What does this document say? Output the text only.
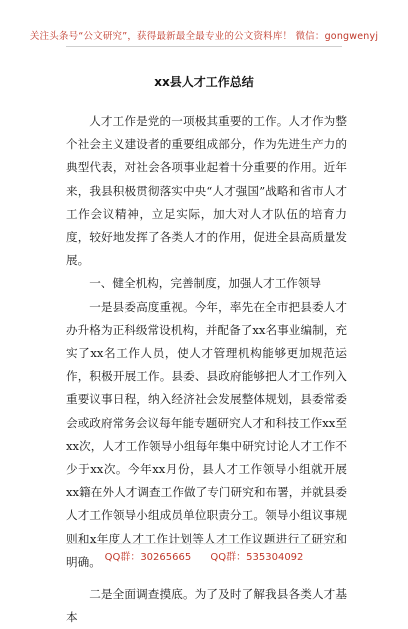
关注头条号“公文研究”，获得最新最全最专业的公文资料库！ 微信：gongwenyj
xx县人才工作总结

人才工作是党的一项极其重要的工作。人才作为整个社会主义建设者的重要组成部分，作为先进生产力的典型代表，对社会各项事业起着十分重要的作用。近年来，我县积极贯彻落实中央“人才强国”战略和省市人才工作会议精神，立足实际，加大对人才队伍的培育力度，较好地发挥了各类人才的作用，促进全县高质量发展。

一、健全机构，完善制度，加强人才工作领导

一是县委高度重视。今年，率先在全市把县委人才办升格为正科级常设机构，并配备了xx名事业编制，充实了xx名工作人员，使人才管理机构能够更加规范运作，积极开展工作。县委、县政府能够把人才工作列入重要议事日程，纳入经济社会发展整体规划，县委常委会或政府常务会议每年能专题研究人才和科技工作xx至xx次，人才工作领导小组每年集中研究讨论人才工作不少于xx次。今年xx月份，县人才工作领导小组就开展xx籍在外人才调查工作做了专门研究和布署，并就县委人才工作领导小组成员单位职责分工。领导小组议事规则和x年度人才工作计划等人才工作议题进行了研究和明确。

二是全面调查摸底。为了及时了解我县各类人才基本

QQ群：30265665 QQ群：535304092
